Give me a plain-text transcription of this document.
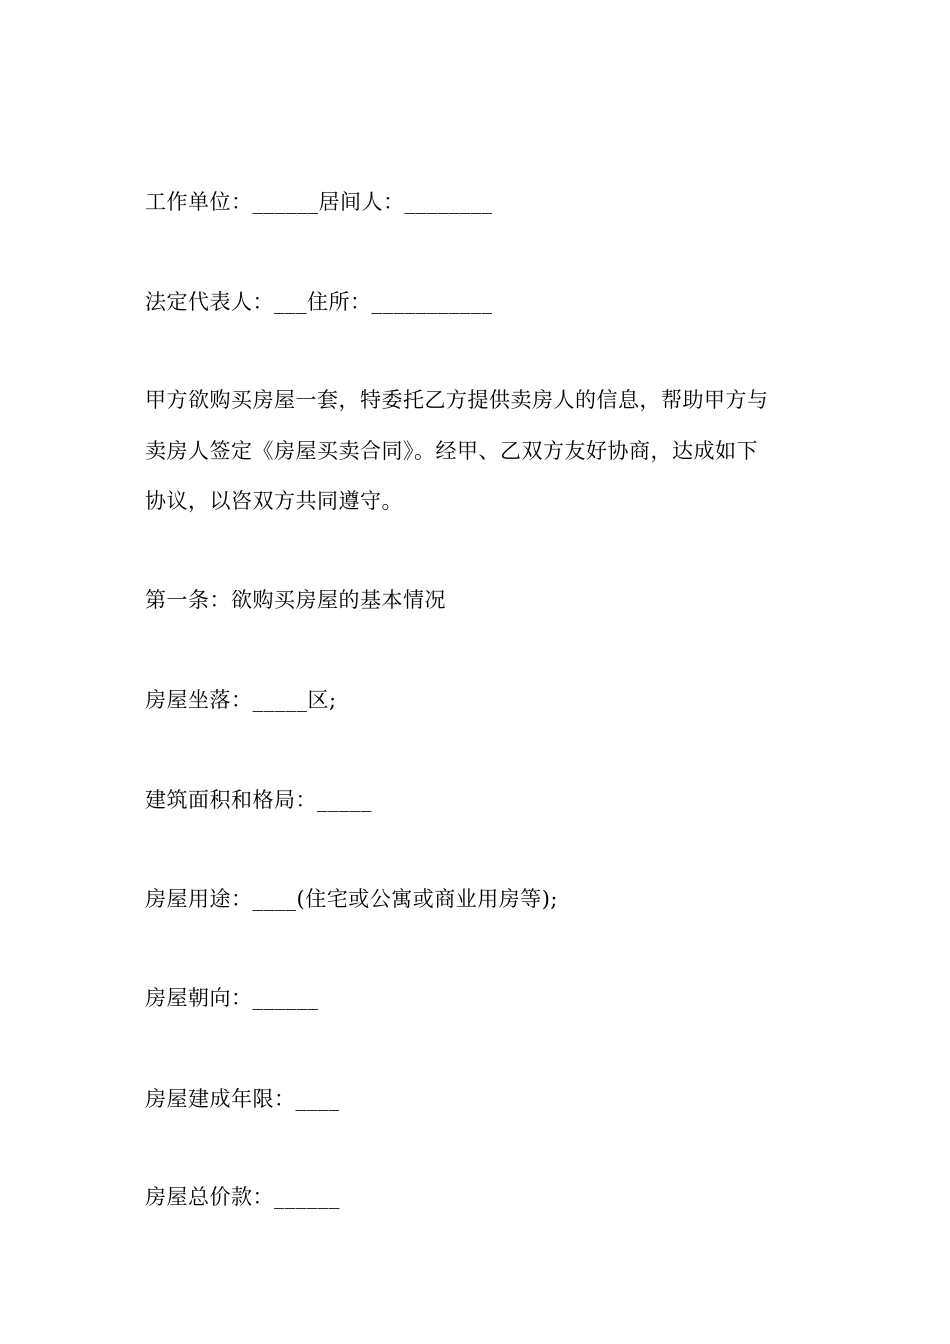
工作单位：______居间人：________
法定代表人：___住所：___________
甲方欲购买房屋一套，特委托乙方提供卖房人的信息，帮助甲方与
卖房人签定《房屋买卖合同》。经甲、乙双方友好协商，达成如下
协议，以咨双方共同遵守。
第一条：欲购买房屋的基本情况
房屋坐落：_____区;
建筑面积和格局：_____
房屋用途：____(住宅或公寓或商业用房等);
房屋朝向：______
房屋建成年限：____
房屋总价款：______
